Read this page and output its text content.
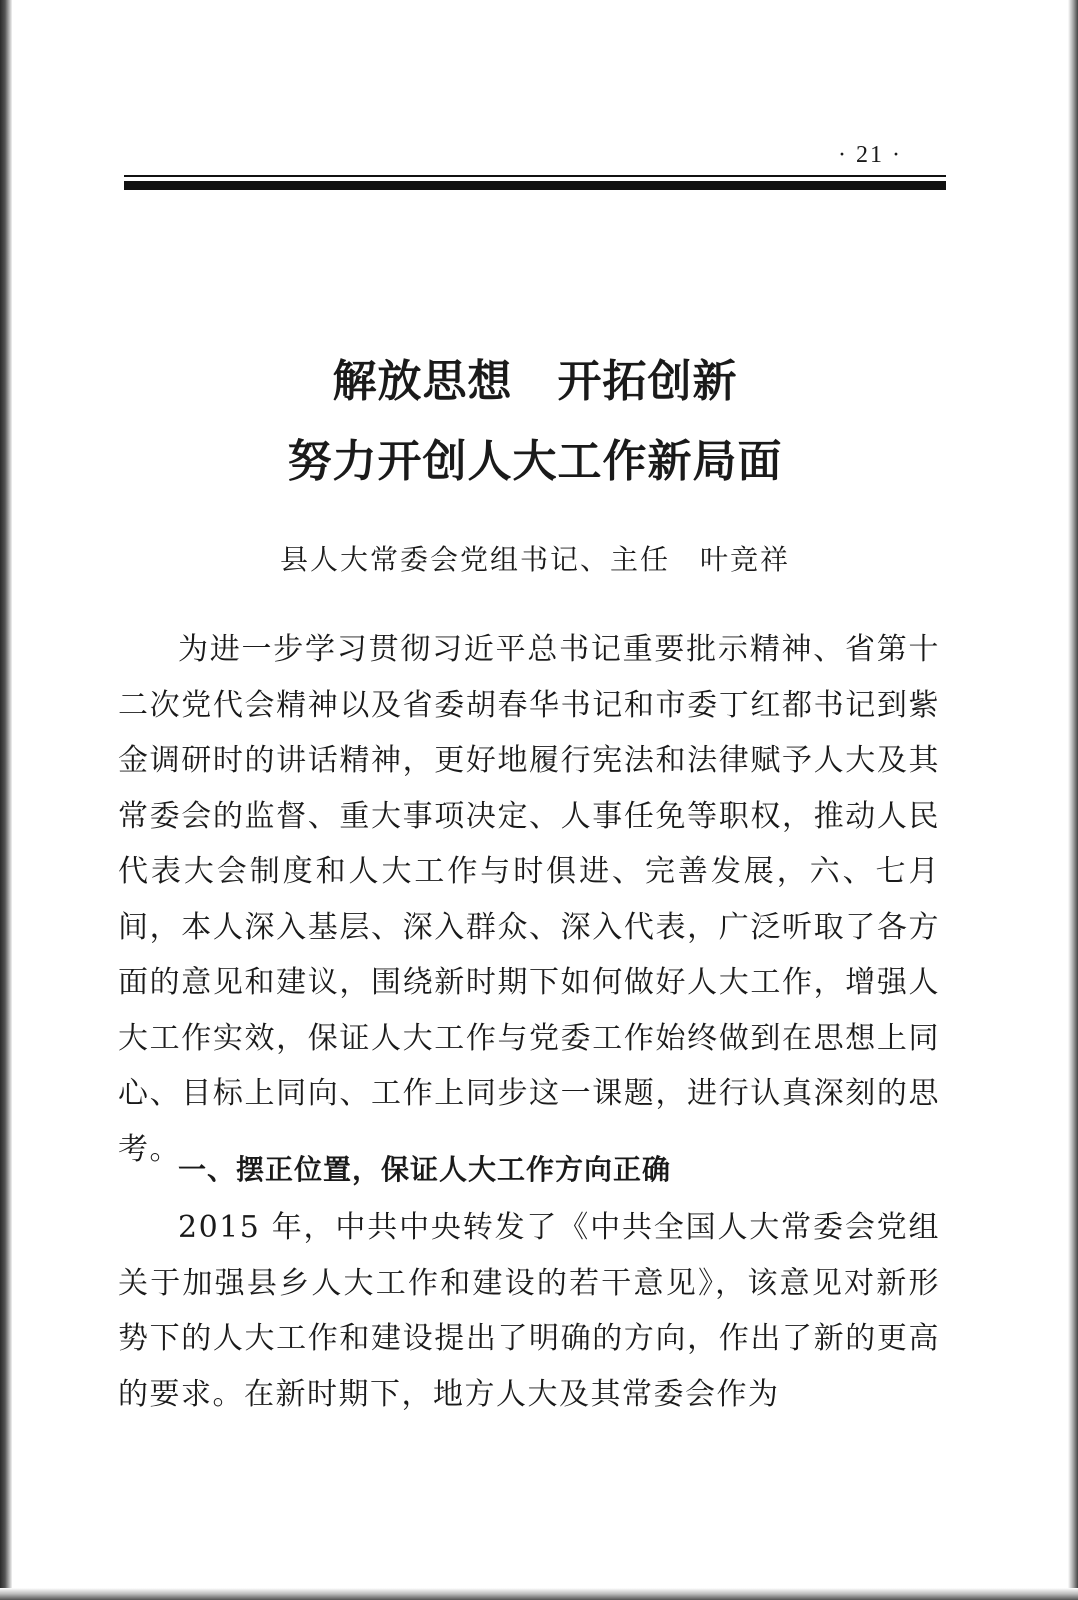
· 21 ·
解放思想　开拓创新
努力开创人大工作新局面
县人大常委会党组书记、主任　叶竞祥
为进一步学习贯彻习近平总书记重要批示精神、省第十二次党代会精神以及省委胡春华书记和市委丁红都书记到紫金调研时的讲话精神，更好地履行宪法和法律赋予人大及其常委会的监督、重大事项决定、人事任免等职权，推动人民代表大会制度和人大工作与时俱进、完善发展，六、七月间，本人深入基层、深入群众、深入代表，广泛听取了各方面的意见和建议，围绕新时期下如何做好人大工作，增强人大工作实效，保证人大工作与党委工作始终做到在思想上同心、目标上同向、工作上同步这一课题，进行认真深刻的思考。
一、摆正位置，保证人大工作方向正确
2015 年，中共中央转发了《中共全国人大常委会党组关于加强县乡人大工作和建设的若干意见》，该意见对新形势下的人大工作和建设提出了明确的方向，作出了新的更高的要求。在新时期下，地方人大及其常委会作为
